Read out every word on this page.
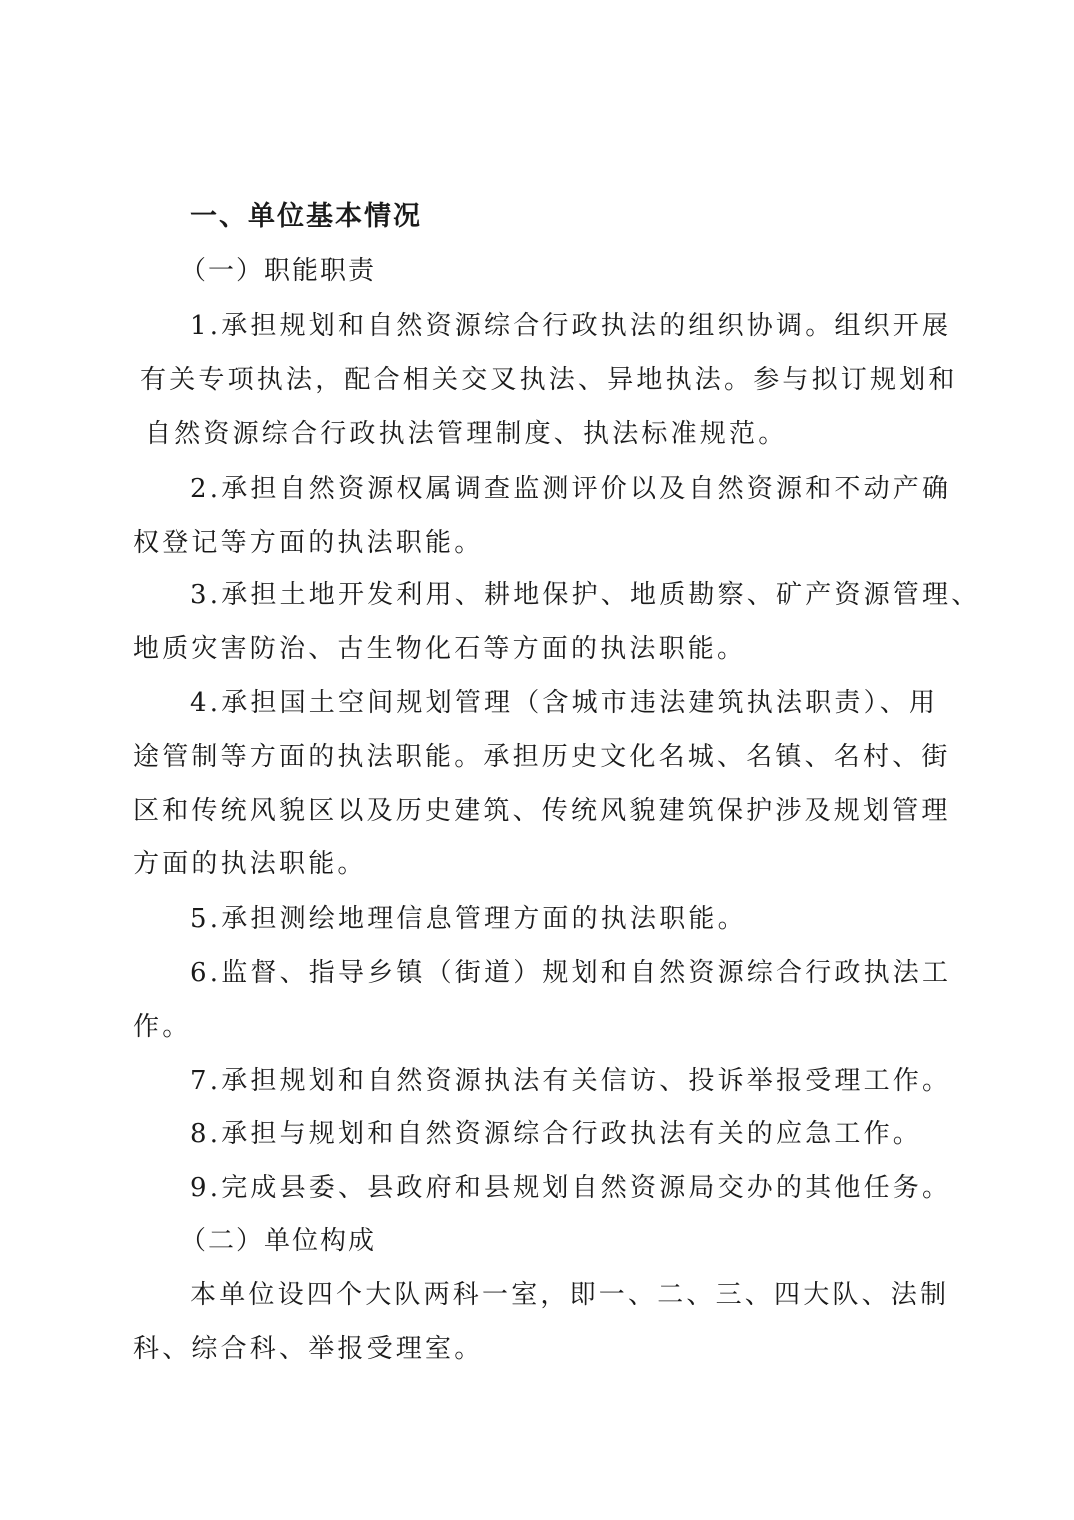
一、单位基本情况
（一）职能职责
1.承担规划和自然资源综合行政执法的组织协调。组织开展
有关专项执法，配合相关交叉执法、异地执法。参与拟订规划和
自然资源综合行政执法管理制度、执法标准规范。
2.承担自然资源权属调查监测评价以及自然资源和不动产确
权登记等方面的执法职能。
3.承担土地开发利用、耕地保护、地质勘察、矿产资源管理、
地质灾害防治、古生物化石等方面的执法职能。
4.承担国土空间规划管理（含城市违法建筑执法职责）、用
途管制等方面的执法职能。承担历史文化名城、名镇、名村、街
区和传统风貌区以及历史建筑、传统风貌建筑保护涉及规划管理
方面的执法职能。
5.承担测绘地理信息管理方面的执法职能。
6.监督、指导乡镇（街道）规划和自然资源综合行政执法工
作。
7.承担规划和自然资源执法有关信访、投诉举报受理工作。
8.承担与规划和自然资源综合行政执法有关的应急工作。
9.完成县委、县政府和县规划自然资源局交办的其他任务。
（二）单位构成
本单位设四个大队两科一室，即一、二、三、四大队、法制
科、综合科、举报受理室。
